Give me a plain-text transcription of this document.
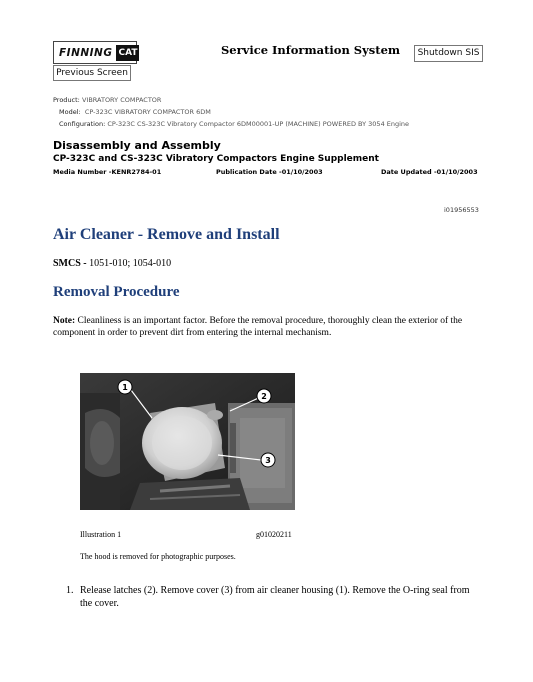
FINNING CAT	Service Information System	Shutdown SIS
Previous Screen
Product: VIBRATORY COMPACTOR
Model: CP-323C VIBRATORY COMPACTOR 6DM
Configuration: CP-323C CS-323C Vibratory Compactor 6DM00001-UP (MACHINE) POWERED BY 3054 Engine
Disassembly and Assembly
CP-323C and CS-323C Vibratory Compactors Engine Supplement
Media Number -KENR2784-01	Publication Date -01/10/2003	Date Updated -01/10/2003
i01956553
Air Cleaner - Remove and Install
SMCS - 1051-010; 1054-010
Removal Procedure
Note: Cleanliness is an important factor. Before the removal procedure, thoroughly clean the exterior of the component in order to prevent dirt from entering the internal mechanism.
1
2
3
Illustration 1	g01020211
The hood is removed for photographic purposes.
1. Release latches (2). Remove cover (3) from air cleaner housing (1). Remove the O-ring seal from the cover.
